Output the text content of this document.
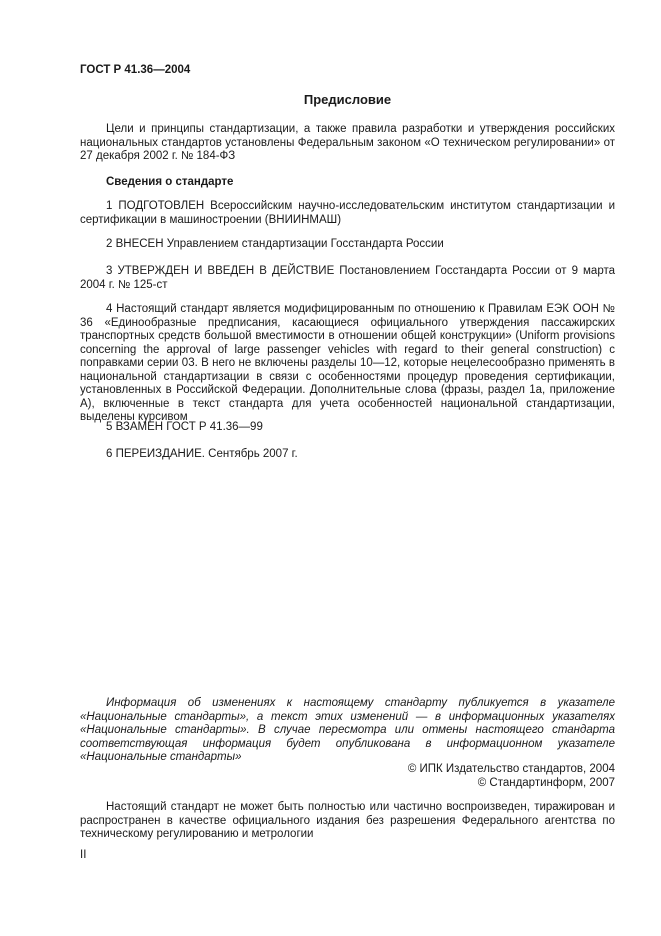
ГОСТ Р 41.36—2004
Предисловие
Цели и принципы стандартизации, а также правила разработки и утверждения российских национальных стандартов установлены Федеральным законом «О техническом регулировании» от 27 декабря 2002 г. № 184-ФЗ
Сведения о стандарте
1 ПОДГОТОВЛЕН Всероссийским научно-исследовательским институтом стандартизации и сертификации в машиностроении (ВНИИНМАШ)
2 ВНЕСЕН Управлением стандартизации Госстандарта России
3 УТВЕРЖДЕН И ВВЕДЕН В ДЕЙСТВИЕ Постановлением Госстандарта России от 9 марта 2004 г. № 125-ст
4 Настоящий стандарт является модифицированным по отношению к Правилам ЕЭК ООН № 36 «Единообразные предписания, касающиеся официального утверждения пассажирских транспортных средств большой вместимости в отношении общей конструкции» (Uniform provisions concerning the approval of large passenger vehicles with regard to their general construction) с поправками серии 03. В него не включены разделы 10—12, которые нецелесообразно применять в национальной стандартизации в связи с особенностями процедур проведения сертификации, установленных в Российской Федерации. Дополнительные слова (фразы, раздел 1а, приложение А), включенные в текст стандарта для учета особенностей национальной стандартизации, выделены курсивом
5 ВЗАМЕН ГОСТ Р 41.36—99
6 ПЕРЕИЗДАНИЕ. Сентябрь 2007 г.
Информация об изменениях к настоящему стандарту публикуется в указателе «Национальные стандарты», а текст этих изменений — в информационных указателях «Национальные стандарты». В случае пересмотра или отмены настоящего стандарта соответствующая информация будет опубликована в информационном указателе «Национальные стандарты»
© ИПК Издательство стандартов, 2004
© Стандартинформ, 2007
Настоящий стандарт не может быть полностью или частично воспроизведен, тиражирован и распространен в качестве официального издания без разрешения Федерального агентства по техническому регулированию и метрологии
II
